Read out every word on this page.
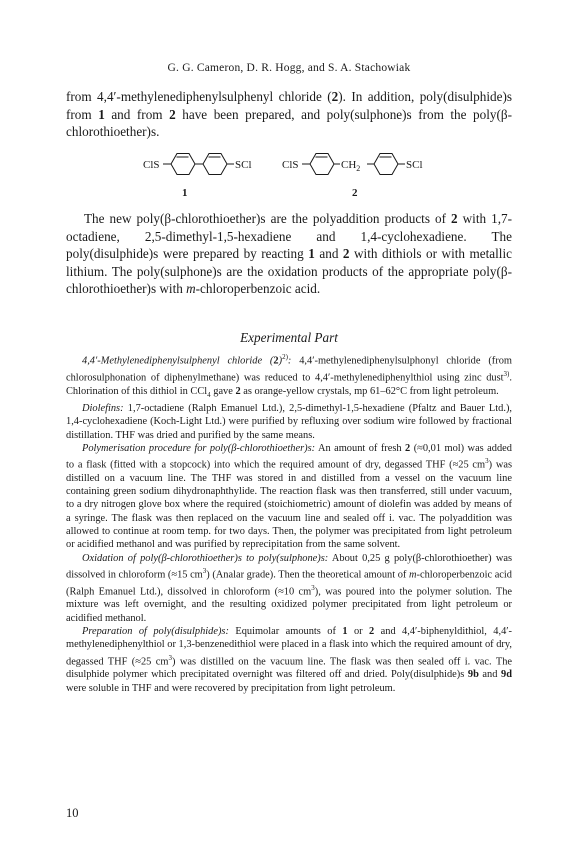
G. G. Cameron, D. R. Hogg, and S. A. Stachowiak

from 4,4′-methylenediphenylsulphenyl chloride (2). In addition, poly(disulphide)s from 1 and from 2 have been prepared, and poly(sulphone)s from the poly(β-chlorothioether)s.

ClS	SCl
1
ClS	$CH_2$	SCl
2

The new poly(β-chlorothioether)s are the polyaddition products of 2 with 1,7-octadiene, 2,5-dimethyl-1,5-hexadiene and 1,4-cyclohexadiene. The poly(disulphide)s were prepared by reacting 1 and 2 with dithiols or with metallic lithium. The poly(sulphone)s are the oxidation products of the appropriate poly(β-chlorothioether)s with m-chloroperbenzoic acid.

Experimental Part

4,4′-Methylenediphenylsulphenyl chloride $(2)^{2)}$: 4,4′-methylenediphenylsulphonyl chloride (from chlorosulphonation of diphenylmethane) was reduced to 4,4′-methylenediphenylthiol using zinc dust$^{3)}$. Chlorination of this dithiol in CCl$_4$ gave 2 as orange-yellow crystals, mp 61–62°C from light petroleum.

Diolefins: 1,7-octadiene (Ralph Emanuel Ltd.), 2,5-dimethyl-1,5-hexadiene (Pfaltz and Bauer Ltd.), 1,4-cyclohexadiene (Koch-Light Ltd.) were purified by refluxing over sodium wire followed by fractional distillation. THF was dried and purified by the same means.

Polymerisation procedure for poly(β-chlorothioether)s: An amount of fresh 2 (≈0,01 mol) was added to a flask (fitted with a stopcock) into which the required amount of dry, degassed THF (≈25 $cm^3$) was distilled on a vacuum line. The THF was stored in and distilled from a vessel on the vacuum line containing green sodium dihydronaphthylide. The reaction flask was then transferred, still under vacuum, to a dry nitrogen glove box where the required (stoichiometric) amount of diolefin was added by means of a syringe. The flask was then replaced on the vacuum line and sealed off i. vac. The polyaddition was allowed to continue at room temp. for two days. Then, the polymer was precipitated from light petroleum or acidified methanol and was purified by reprecipitation from the same solvent.

Oxidation of poly(β-chlorothioether)s to poly(sulphone)s: About 0,25 g poly(β-chlorothioether) was dissolved in chloroform (≈15 $cm^3$) (Analar grade). Then the theoretical amount of m-chloroperbenzoic acid (Ralph Emanuel Ltd.), dissolved in chloroform (≈10 $cm^3$), was poured into the polymer solution. The mixture was left overnight, and the resulting oxidized polymer precipitated from light petroleum or acidified methanol.

Preparation of poly(disulphide)s: Equimolar amounts of 1 or 2 and 4,4′-biphenyldithiol, 4,4′-methylenediphenylthiol or 1,3-benzenedithiol were placed in a flask into which the required amount of dry, degassed THF (≈25 $cm^3$) was distilled on the vacuum line. The flask was then sealed off i. vac. The disulphide polymer which precipitated overnight was filtered off and dried. Poly(disulphide)s 9b and 9d were soluble in THF and were recovered by precipitation from light petroleum.

10
